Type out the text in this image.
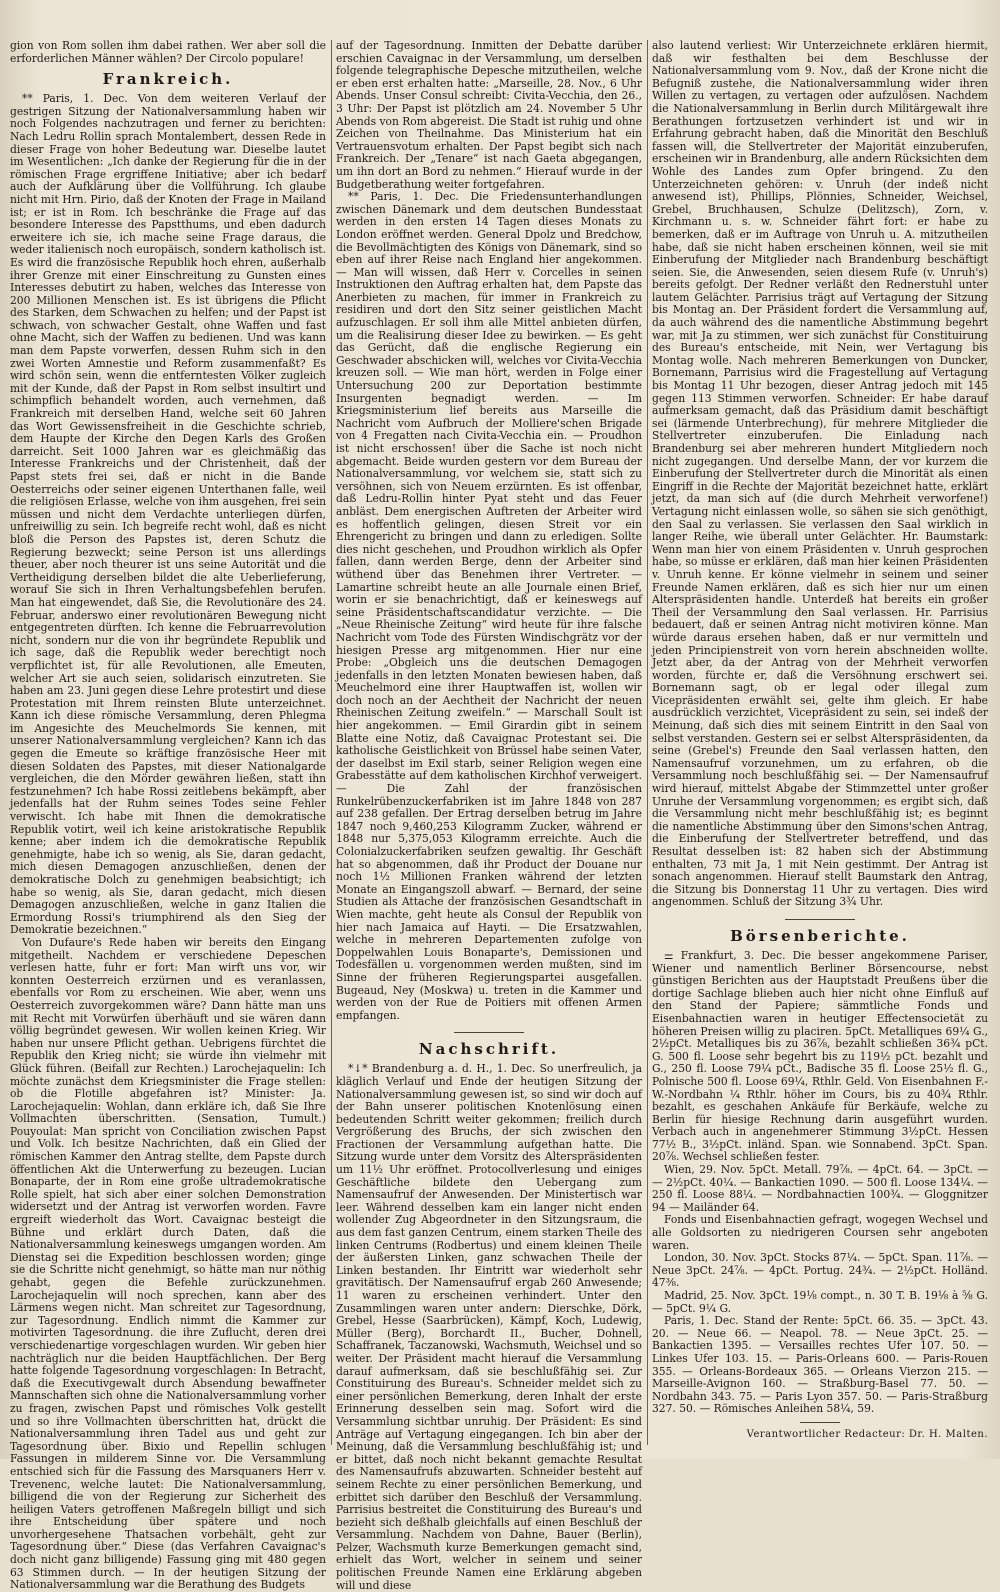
gion von Rom sollen ihm dabei rathen. Wer aber soll die erforderlichen Männer wählen? Der Circolo populare!

Frankreich.

** Paris, 1. Dec. Von dem weiteren Verlauf der gestrigen Sitzung der Nationalversammlung haben wir noch Folgendes nachzutragen und ferner zu berichten: Nach Ledru Rollin sprach Montalembert, dessen Rede in dieser Frage von hoher Bedeutung war. Dieselbe lautet im Wesentlichen: „Ich danke der Regierung für die in der römischen Frage ergriffene Initiative; aber ich bedarf auch der Aufklärung über die Vollführung. Ich glaube nicht mit Hrn. Pirio, daß der Knoten der Frage in Mailand ist; er ist in Rom. Ich beschränke die Frage auf das besondere Interesse des Papstthums, und eben dadurch erweitere ich sie, ich mache seine Frage daraus, die weder italienisch noch europäisch, sondern katholisch ist. Es wird die französische Republik hoch ehren, außerhalb ihrer Grenze mit einer Einschreitung zu Gunsten eines Interesses debutirt zu haben, welches das Interesse von 200 Millionen Menschen ist. Es ist übrigens die Pflicht des Starken, dem Schwachen zu helfen; und der Papst ist schwach, von schwacher Gestalt, ohne Waffen und fast ohne Macht, sich der Waffen zu bedienen. Und was kann man dem Papste vorwerfen, dessen Ruhm sich in den zwei Worten Amnestie und Reform zusammenfaßt? Es wird schön sein, wenn die entferntesten Völker zugleich mit der Kunde, daß der Papst in Rom selbst insultirt und schimpflich behandelt worden, auch vernehmen, daß Frankreich mit derselben Hand, welche seit 60 Jahren das Wort Gewissensfreiheit in die Geschichte schrieb, dem Haupte der Kirche den Degen Karls des Großen darreicht. Seit 1000 Jahren war es gleichmäßig das Interesse Frankreichs und der Christenheit, daß der Papst stets frei sei, daß er nicht in die Bande Oesterreichs oder seiner eigenen Unterthanen falle, weil die religiösen Erlasse, welche von ihm ausgehen, frei sein müssen und nicht dem Verdachte unterliegen dürfen, unfreiwillig zu sein. Ich begreife recht wohl, daß es nicht bloß die Person des Papstes ist, deren Schutz die Regierung bezweckt; seine Person ist uns allerdings theuer, aber noch theurer ist uns seine Autorität und die Vertheidigung derselben bildet die alte Ueberlieferung, worauf Sie sich in Ihren Verhaltungsbefehlen berufen. Man hat eingewendet, daß Sie, die Revolutionäre des 24. Februar, anderswo einer revolutionären Bewegung nicht entgegentreten dürften. Ich kenne die Februarrevolution nicht, sondern nur die von ihr begründete Republik und ich sage, daß die Republik weder berechtigt noch verpflichtet ist, für alle Revolutionen, alle Emeuten, welcher Art sie auch seien, solidarisch einzutreten. Sie haben am 23. Juni gegen diese Lehre protestirt und diese Protestation mit Ihrem reinsten Blute unterzeichnet. Kann ich diese römische Versammlung, deren Phlegma im Angesichte des Meuchelmords Sie kennen, mit unserer Nationalversammlung vergleichen? Kann ich das gegen die Emeute so kräftige französische Heer mit diesen Soldaten des Papstes, mit dieser Nationalgarde vergleichen, die den Mörder gewähren ließen, statt ihn festzunehmen? Ich habe Rossi zeitlebens bekämpft, aber jedenfalls hat der Ruhm seines Todes seine Fehler verwischt. Ich habe mit Ihnen die demokratische Republik votirt, weil ich keine aristokratische Republik kenne; aber indem ich die demokratische Republik genehmigte, habe ich so wenig, als Sie, daran gedacht, mich diesen Demagogen anzuschließen, denen der demokratische Dolch zu genehmigen beabsichtigt; ich habe so wenig, als Sie, daran gedacht, mich diesen Demagogen anzuschließen, welche in ganz Italien die Ermordung Rossi's triumphirend als den Sieg der Demokratie bezeichnen.“

Von Dufaure's Rede haben wir bereits den Eingang mitgetheilt. Nachdem er verschiedene Depeschen verlesen hatte, fuhr er fort: Man wirft uns vor, wir konnten Oesterreich erzürnen und es veranlassen, ebenfalls vor Rom zu erscheinen. Wie aber, wenn uns Oesterreich zuvorgekommen wäre? Dann hätte man uns mit Recht mit Vorwürfen überhäuft und sie wären dann völlig begründet gewesen. Wir wollen keinen Krieg. Wir haben nur unsere Pflicht gethan. Uebrigens fürchtet die Republik den Krieg nicht; sie würde ihn vielmehr mit Glück führen. (Beifall zur Rechten.) Larochejaquelin: Ich möchte zunächst dem Kriegsminister die Frage stellen: ob die Flotille abgefahren ist? Minister: Ja. Larochejaquelin: Wohlan, dann erkläre ich, daß Sie Ihre Vollmachten überschritten. (Sensation, Tumult.) Pouyoulat: Man spricht von Conciliation zwischen Papst und Volk. Ich besitze Nachrichten, daß ein Glied der römischen Kammer den Antrag stellte, dem Papste durch öffentlichen Akt die Unterwerfung zu bezeugen. Lucian Bonaparte, der in Rom eine große ultrademokratische Rolle spielt, hat sich aber einer solchen Demonstration widersetzt und der Antrag ist verworfen worden. Favre ergreift wiederholt das Wort. Cavaignac besteigt die Bühne und erklärt durch Daten, daß die Nationalversammlung keineswegs umgangen worden. Am Dienstag sei die Expedition beschlossen worden; ginge sie die Schritte nicht genehmigt, so hätte man nur nöthig gehabt, gegen die Befehle zurückzunehmen. Larochejaquelin will noch sprechen, kann aber des Lärmens wegen nicht. Man schreitet zur Tagesordnung, zur Tagesordnung. Endlich nimmt die Kammer zur motivirten Tagesordnung. die ihre Zuflucht, deren drei verschiedenartige vorgeschlagen wurden. Wir geben hier nachträglich nur die beiden Hauptfächlichen. Der Berg hatte folgende Tagesordnung vorgeschlagen: In Betracht, daß die Executivgewalt durch Absendung bewaffneter Mannschaften sich ohne die Nationalversammlung vorher zu fragen, zwischen Papst und römisches Volk gestellt und so ihre Vollmachten überschritten hat, drückt die Nationalversammlung ihren Tadel aus und geht zur Tagesordnung über. Bixio und Repellin schlugen Fassungen in milderem Sinne vor. Die Versammlung entschied sich für die Fassung des Marsquaners Herr v. Trevenenc, welche lautet: Die Nationalversammlung, billigend die von der Regierung zur Sicherheit des heiligen Vaters getroffenen Maßregeln billigt und sich ihre Entscheidung über spätere und noch unvorhergesehene Thatsachen vorbehält, geht zur Tagesordnung über.“ Diese (das Verfahren Cavaignac's doch nicht ganz billigende) Fassung ging mit 480 gegen 63 Stimmen durch. — In der heutigen Sitzung der Nationalversammlung war die Berathung des Budgets

auf der Tagesordnung. Inmitten der Debatte darüber erschien Cavaignac in der Versammlung, um derselben folgende telegraphische Depesche mitzutheilen, welche er eben erst erhalten hatte: „Marseille, 28. Nov., 6 Uhr Abends. Unser Consul schreibt: Civita-Vecchia, den 26., 3 Uhr: Der Papst ist plötzlich am 24. November 5 Uhr Abends von Rom abgereist. Die Stadt ist ruhig und ohne Zeichen von Theilnahme. Das Ministerium hat ein Vertrauensvotum erhalten. Der Papst begibt sich nach Frankreich. Der „Tenare“ ist nach Gaeta abgegangen, um ihn dort an Bord zu nehmen.“ Hierauf wurde in der Budgetberathung weiter fortgefahren.

** Paris, 1. Dec. Die Friedensunterhandlungen zwischen Dänemark und dem deutschen Bundesstaat werden in den ersten 14 Tagen dieses Monats zu London eröffnet werden. General Dpolz und Bredchow, die Bevollmächtigten des Königs von Dänemark, sind so eben auf ihrer Reise nach England hier angekommen. — Man will wissen, daß Herr v. Corcelles in seinen Instruktionen den Auftrag erhalten hat, dem Papste das Anerbieten zu machen, für immer in Frankreich zu residiren und dort den Sitz seiner geistlichen Macht aufzuschlagen. Er soll ihm alle Mittel anbieten dürfen, um die Realisirung dieser Idee zu bewirken. — Es geht das Gerücht, daß die englische Regierung ein Geschwader abschicken will, welches vor Civita-Vecchia kreuzen soll. — Wie man hört, werden in Folge einer Untersuchung 200 zur Deportation bestimmte Insurgenten begnadigt werden. — Im Kriegsministerium lief bereits aus Marseille die Nachricht vom Aufbruch der Molliere'schen Brigade von 4 Fregatten nach Civita-Vecchia ein. — Proudhon ist nicht erschossen! über die Sache ist noch nicht abgemacht. Beide wurden gestern vor dem Bureau der Nationalversammlung, vor welchem sie, statt sich zu versöhnen, sich von Neuem erzürnten. Es ist offenbar, daß Ledru-Rollin hinter Pyat steht und das Feuer anbläst. Dem energischen Auftreten der Arbeiter wird es hoffentlich gelingen, diesen Streit vor ein Ehrengericht zu bringen und dann zu erledigen. Sollte dies nicht geschehen, und Proudhon wirklich als Opfer fallen, dann werden Berge, denn der Arbeiter sind wüthend über das Benehmen ihrer Vertreter. — Lamartine schreibt heute an alle Journale einen Brief, worin er sie benachrichtigt, daß er keineswegs auf seine Präsidentschaftscandidatur verzichte. — Die „Neue Rheinische Zeitung“ wird heute für ihre falsche Nachricht vom Tode des Fürsten Windischgrätz vor der hiesigen Presse arg mitgenommen. Hier nur eine Probe: „Obgleich uns die deutschen Demagogen jedenfalls in den letzten Monaten bewiesen haben, daß Meuchelmord eine ihrer Hauptwaffen ist, wollen wir doch noch an der Aechtheit der Nachricht der neuen Rheinischen Zeitung zweifeln.“ — Marschall Soult ist hier angekommen. — Emil Girardin gibt in seinem Blatte eine Notiz, daß Cavaignac Protestant sei. Die katholische Geistlichkeit von Brüssel habe seinen Vater, der daselbst im Exil starb, seiner Religion wegen eine Grabesstätte auf dem katholischen Kirchhof verweigert. — Die Zahl der französischen Runkelrübenzuckerfabriken ist im Jahre 1848 von 287 auf 238 gefallen. Der Ertrag derselben betrug im Jahre 1847 noch 9,460,253 Kilogramm Zucker, während er 1848 nur 5,375,053 Kilogramm erreichte. Auch die Colonialzuckerfabriken seufzen gewaltig. Ihr Geschäft hat so abgenommen, daß ihr Product der Douane nur noch 1½ Millionen Franken während der letzten Monate an Eingangszoll abwarf. — Bernard, der seine Studien als Attache der französischen Gesandtschaft in Wien machte, geht heute als Consul der Republik von hier nach Jamaica auf Hayti. — Die Ersatzwahlen, welche in mehreren Departementen zufolge von Doppelwahlen Louis Bonaparte's, Demissionen und Todesfällen u. vorgenommen werden mußten, sind im Sinne der früheren Regierungspartei ausgefallen. Bugeaud, Ney (Moskwa) u. treten in die Kammer und werden von der Rue de Poitiers mit offenen Armen empfangen.

Nachschrift.

*↓* Brandenburg a. d. H., 1. Dec. So unerfreulich, ja kläglich Verlauf und Ende der heutigen Sitzung der Nationalversammlung gewesen ist, so sind wir doch auf der Bahn unserer politischen Knotenlösung einen bedeutenden Schritt weiter gekommen; freilich durch Vergrößerung des Bruchs, der sich zwischen den Fractionen der Versammlung aufgethan hatte. Die Sitzung wurde unter dem Vorsitz des Alterspräsidenten um 11½ Uhr eröffnet. Protocollverlesung und einiges Geschäftliche bildete den Uebergang zum Namensaufruf der Anwesenden. Der Ministertisch war leer. Während desselben kam ein langer nicht enden wollender Zug Abgeordneter in den Sitzungsraum, die aus dem fast ganzen Centrum, einem starken Theile des linken Centrums (Rodbertus) und einem kleinen Theile der äußersten Linken, ganz schwachen Theile der Linken bestanden. Ihr Eintritt war wiederholt sehr gravitätisch. Der Namensaufruf ergab 260 Anwesende; 11 waren zu erscheinen verhindert. Unter den Zusammlingen waren unter andern: Dierschke, Dörk, Grebel, Hesse (Saarbrücken), Kämpf, Koch, Ludewig, Müller (Berg), Borchardt II., Bucher, Dohnell, Schaffranek, Taczanowski, Wachsmuth, Weichsel und so weiter. Der Präsident macht hierauf die Versammlung darauf aufmerksam, daß sie beschlußfähig sei. Zur Constituirung des Bureau's. Schneider meldet sich zu einer persönlichen Bemerkung, deren Inhalt der erste Erinnerung desselben sein mag. Sofort wird die Versammlung sichtbar unruhig. Der Präsident: Es sind Anträge auf Vertagung eingegangen. Ich bin aber der Meinung, daß die Versammlung beschlußfähig ist; und er bittet, daß noch nicht bekannt gemachte Resultat des Namensaufrufs abzuwarten. Schneider besteht auf seinem Rechte zu einer persönlichen Bemerkung, und erbittet sich darüber den Beschluß der Versammlung. Parrisius bestreitet die Constituirung des Bureau's und bezieht sich deßhalb gleichfalls auf einen Beschluß der Versammlung. Nachdem von Dahne, Bauer (Berlin), Pelzer, Wachsmuth kurze Bemerkungen gemacht sind, erhielt das Wort, welcher in seinem und seiner politischen Freunde Namen eine Erklärung abgeben will und diese

also lautend verliest: Wir Unterzeichnete erklären hiermit, daß wir festhalten bei dem Beschlusse der Nationalversammlung vom 9. Nov., daß der Krone nicht die Befugniß zustehe, die Nationalversammlung wider ihren Willen zu vertagen, zu vertagen oder aufzulösen. Nachdem die Nationalversammlung in Berlin durch Militärgewalt ihre Berathungen fortzusetzen verhindert ist und wir in Erfahrung gebracht haben, daß die Minorität den Beschluß fassen will, die Stellvertreter der Majorität einzuberufen, erscheinen wir in Brandenburg, alle andern Rücksichten dem Wohle des Landes zum Opfer bringend. Zu den Unterzeichneten gehören: v. Unruh (der indeß nicht anwesend ist), Phillips, Plönnies, Schneider, Weichsel, Grebel, Bruchhausen, Schulze (Delitzsch), Zorn, v. Kirchmann u. s. w. Schneider fährt fort: er habe zu bemerken, daß er im Auftrage von Unruh u. A. mitzutheilen habe, daß sie nicht haben erscheinen können, weil sie mit Einberufung der Mitglieder nach Brandenburg beschäftigt seien. Sie, die Anwesenden, seien diesem Rufe (v. Unruh's) bereits gefolgt. Der Redner verläßt den Rednerstuhl unter lautem Gelächter. Parrisius trägt auf Vertagung der Sitzung bis Montag an. Der Präsident fordert die Versammlung auf, da auch während des die namentliche Abstimmung begehrt war, mit Ja zu stimmen, wer sich zunächst für Constituirung des Bureau's entscheide, mit Nein, wer Vertagung bis Montag wolle. Nach mehreren Bemerkungen von Duncker, Bornemann, Parrisius wird die Fragestellung auf Vertagung bis Montag 11 Uhr bezogen, dieser Antrag jedoch mit 145 gegen 113 Stimmen verworfen. Schneider: Er habe darauf aufmerksam gemacht, daß das Präsidium damit beschäftigt sei (lärmende Unterbrechung), für mehrere Mitglieder die Stellvertreter einzuberufen. Die Einladung nach Brandenburg sei aber mehreren hundert Mitgliedern noch nicht zugegangen. Und derselbe Mann, der vor kurzem die Einberufung der Stellvertreter durch die Minorität als einen Eingriff in die Rechte der Majorität bezeichnet hatte, erklärt jetzt, da man sich auf (die durch Mehrheit verworfene!) Vertagung nicht einlassen wolle, so sähen sie sich genöthigt, den Saal zu verlassen. Sie verlassen den Saal wirklich in langer Reihe, wie überall unter Gelächter. Hr. Baumstark: Wenn man hier von einem Präsidenten v. Unruh gesprochen habe, so müsse er erklären, daß man hier keinen Präsidenten v. Unruh kenne. Er könne vielmehr in seinem und seiner Freunde Namen erklären, daß es sich hier nur um einen Alterspräsidenten handle. Unterdeß hat bereits ein großer Theil der Versammlung den Saal verlassen. Hr. Parrisius bedauert, daß er seinen Antrag nicht motiviren könne. Man würde daraus ersehen haben, daß er nur vermitteln und jeden Principienstreit von vorn herein abschneiden wollte. Jetzt aber, da der Antrag von der Mehrheit verworfen worden, fürchte er, daß die Versöhnung erschwert sei. Bornemann sagt, ob er legal oder illegal zum Vicepräsidenten erwählt sei, gelte ihm gleich. Er habe ausdrücklich verzichtet, Vicepräsident zu sein, sei indeß der Meinung, daß sich dies mit seinem Eintritt in den Saal von selbst verstanden. Gestern sei er selbst Alterspräsidenten, da seine (Grebel's) Freunde den Saal verlassen hatten, den Namensaufruf vorzunehmen, um zu erfahren, ob die Versammlung noch beschlußfähig sei. — Der Namensaufruf wird hierauf, mittelst Abgabe der Stimmzettel unter großer Unruhe der Versammlung vorgenommen; es ergibt sich, daß die Versammlung nicht mehr beschlußfähig ist; es beginnt die namentliche Abstimmung über den Simons'schen Antrag, die Einberufung der Stellvertreter betreffend, und das Resultat desselben ist: 82 haben sich der Abstimmung enthalten, 73 mit Ja, 1 mit Nein gestimmt. Der Antrag ist sonach angenommen. Hierauf stellt Baumstark den Antrag, die Sitzung bis Donnerstag 11 Uhr zu vertagen. Dies wird angenommen. Schluß der Sitzung 3¾ Uhr.

Börsenberichte.

⚌ Frankfurt, 3. Dec. Die besser angekommene Pariser, Wiener und namentlich Berliner Börsencourse, nebst günstigen Berichten aus der Hauptstadt Preußens über die dortige Sachlage blieben auch hier nicht ohne Einfluß auf den Stand der Papiere; sämmtliche Fonds und Eisenbahnactien waren in heutiger Effectensocietät zu höheren Preisen willig zu placiren. 5pCt. Metalliques 69¼ G., 2½pCt. Metalliques bis zu 36⅞, bezahlt schließen 36¾ pCt. G. 500 fl. Loose sehr begehrt bis zu 119½ pCt. bezahlt und G., 250 fl. Loose 79¼ pCt., Badische 35 fl. Loose 25½ fl. G., Polnische 500 fl. Loose 69¼, Rthlr. Geld. Von Eisenbahnen F.-W.-Nordbahn ¼ Rthlr. höher im Cours, bis zu 40¾ Rthlr. bezahlt, es geschahen Ankäufe für Berkäufe, welche zu Berlin für hiesige Rechnung darin ausgeführt wurden. Verbach auch in angenehmerer Stimmung 3½pCt. Hessen 77½ B., 3½pCt. inländ. Span. wie Sonnabend. 3pCt. Span. 20⅞. Wechsel schließen fester.

Wien, 29. Nov. 5pCt. Metall. 79⅞. — 4pCt. 64. — 3pCt. — — 2½pCt. 40¼. — Bankactien 1090. — 500 fl. Loose 134¼. — 250 fl. Loose 88¼. — Nordbahnactien 100¾. — Gloggnitzer 94 — Mailänder 64.

Fonds und Eisenbahnactien gefragt, wogegen Wechsel und alle Goldsorten zu niedrigeren Coursen sehr angeboten waren.

London, 30. Nov. 3pCt. Stocks 87¼. — 5pCt. Span. 11⅞. — Neue 3pCt. 24⅞. — 4pCt. Portug. 24¾. — 2½pCt. Holländ. 47⅜.

Madrid, 25. Nov. 3pCt. 19⅛ compt., n. 30 T. B. 19⅛ à ⅝ G. — 5pCt. 9¼ G.

Paris, 1. Dec. Stand der Rente: 5pCt. 66. 35. — 3pCt. 43. 20. — Neue 66. — Neapol. 78. — Neue 3pCt. 25. — Bankactien 1395. — Versailles rechtes Ufer 107. 50. — Linkes Ufer 103. 15. — Paris-Orleans 600. — Paris-Rouen 355. — Orleans-Bordeaux 365. — Orleans Vierzon 215. — Marseille-Avignon 160. — Straßburg-Basel 77. 50. — Nordbahn 343. 75. — Paris Lyon 357. 50. — Paris-Straßburg 327. 50. — Römisches Anleihen 58¼, 59.

Verantwortlicher Redacteur: Dr. H. Malten.
